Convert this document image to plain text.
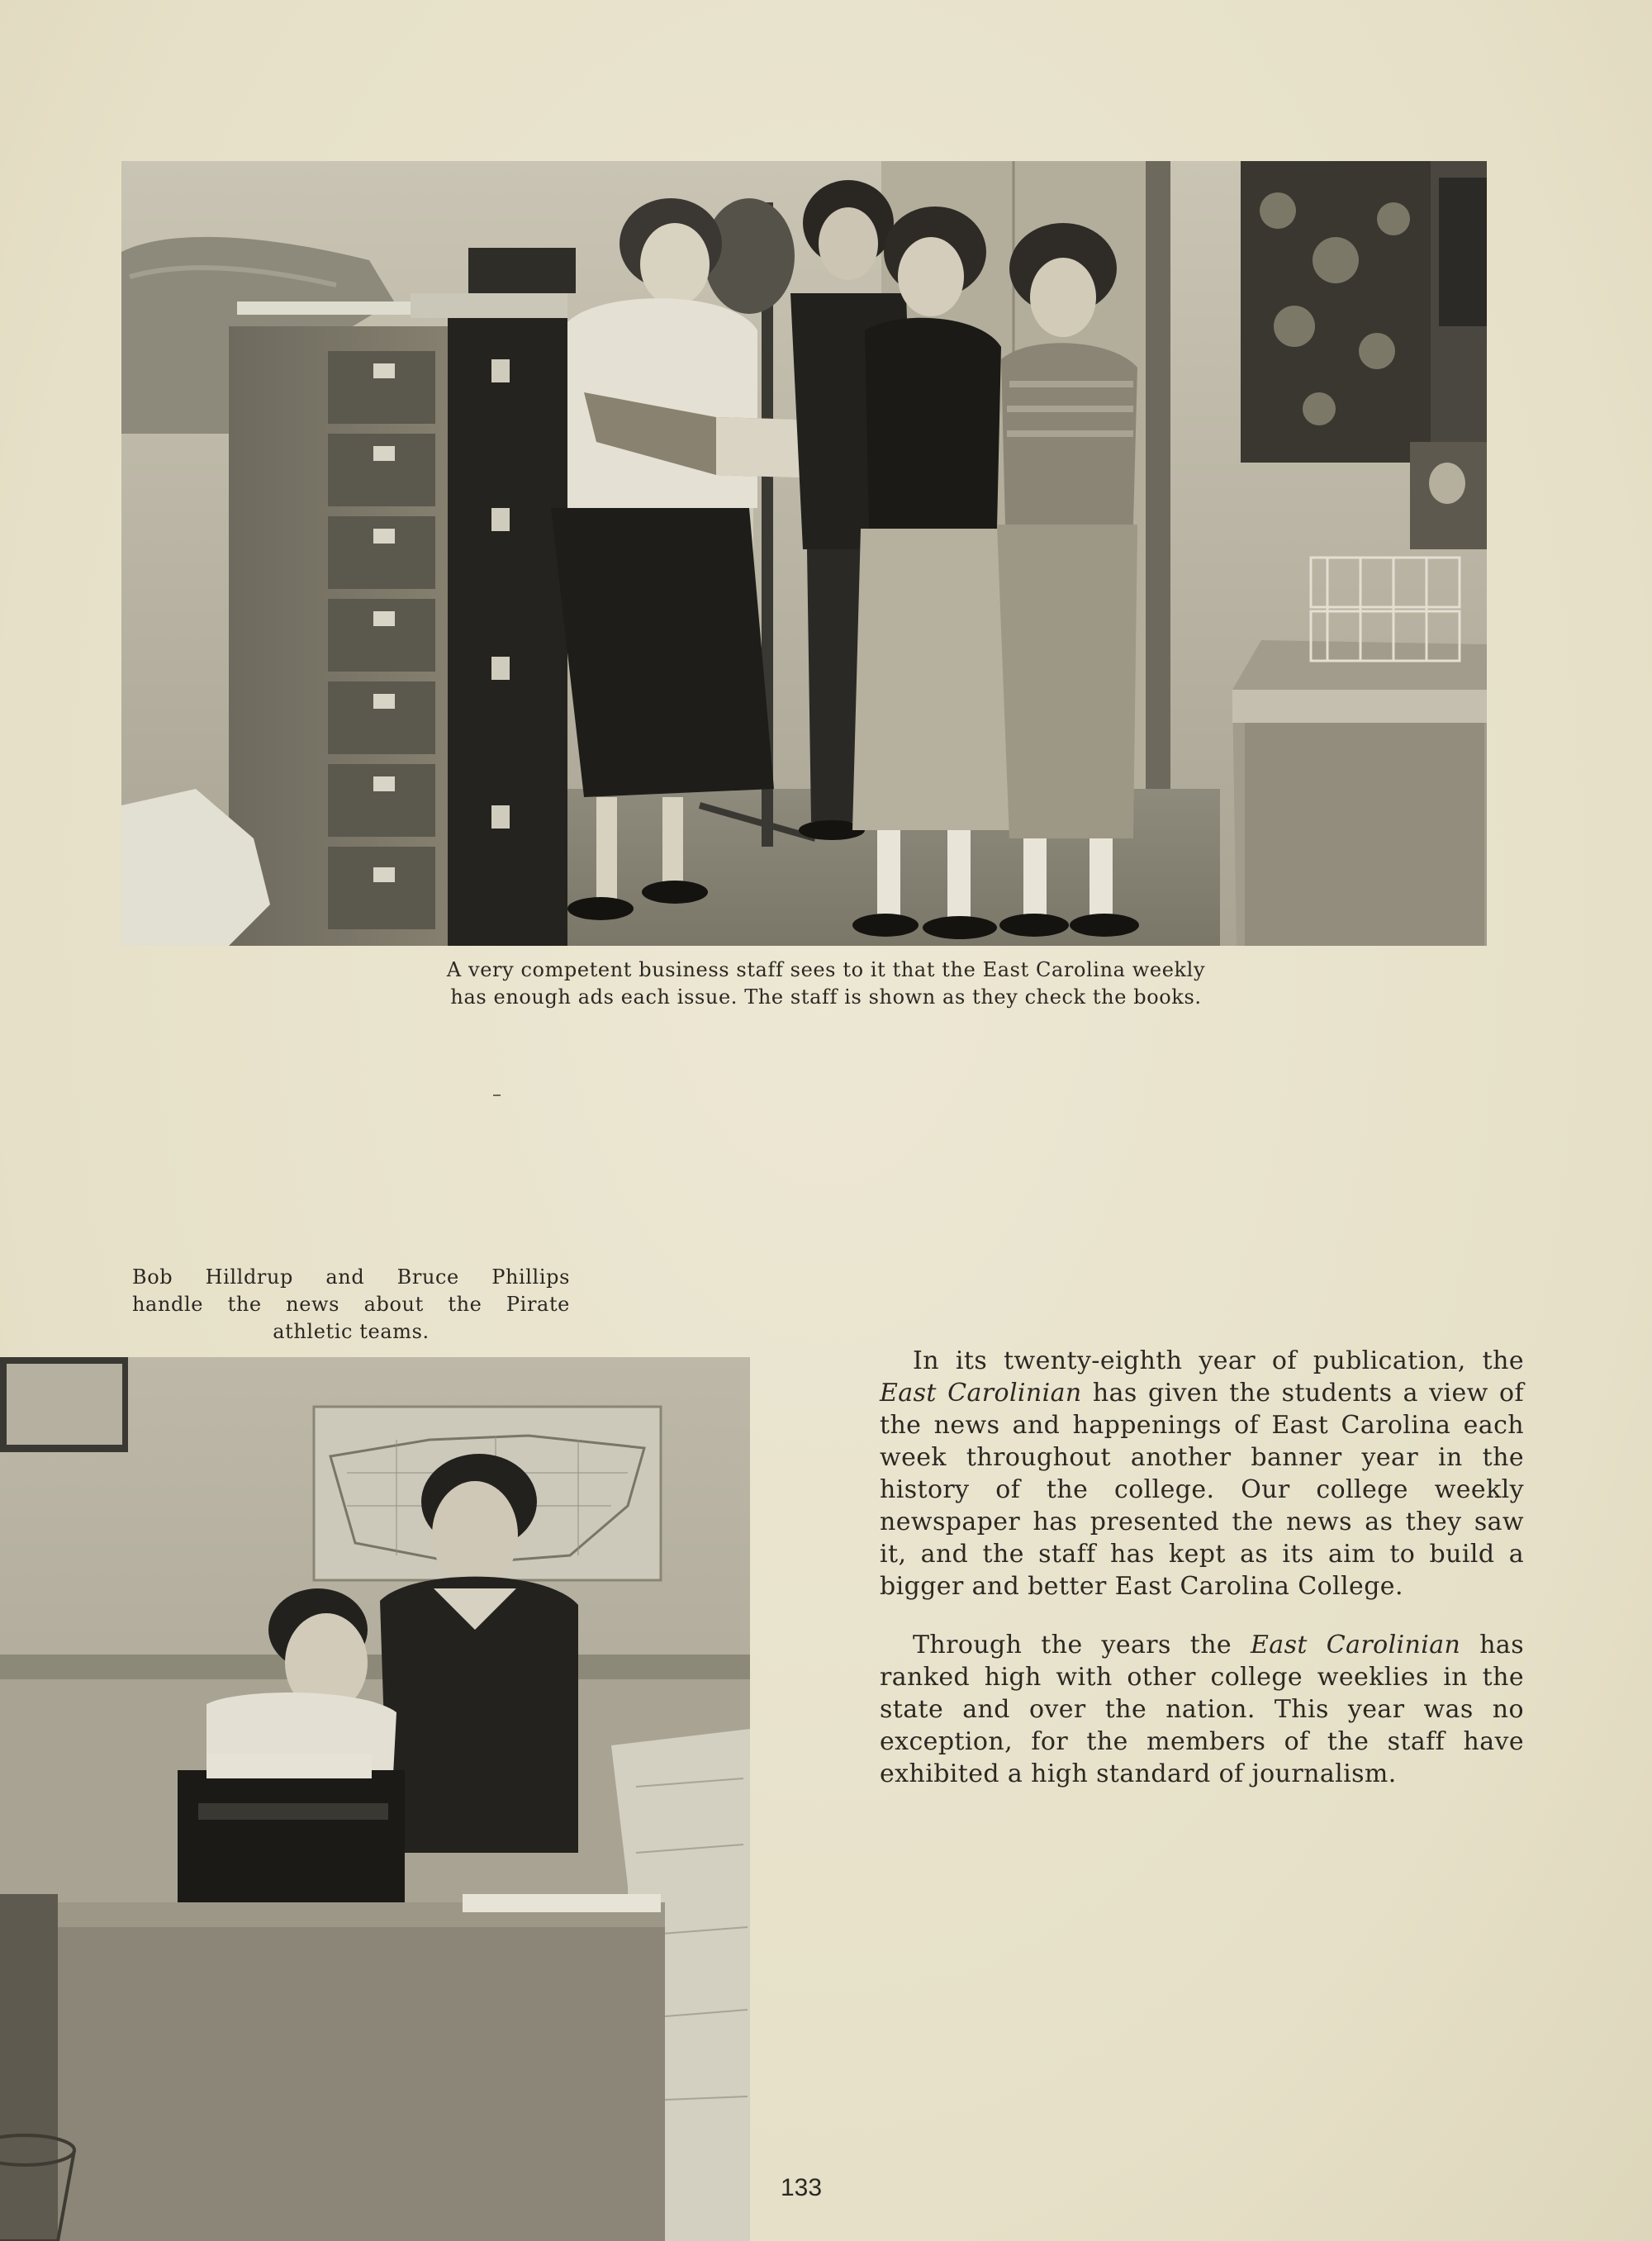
A very competent business staff sees to it that the East Carolina weekly
has enough ads each issue. The staff is shown as they check the books.
Bob Hilldrup and Bruce Phillips
handle the news about the Pirate
athletic teams.

In its twenty-eighth year of publication, the East Carolinian has given the students a view of the news and happenings of East Carolina each week throughout another banner year in the history of the college. Our college weekly newspaper has presented the news as they saw it, and the staff has kept as its aim to build a bigger and better East Carolina College.

Through the years the East Carolinian has ranked high with other college weeklies in the state and over the nation. This year was no exception, for the members of the staff have exhibited a high standard of journalism.

133
